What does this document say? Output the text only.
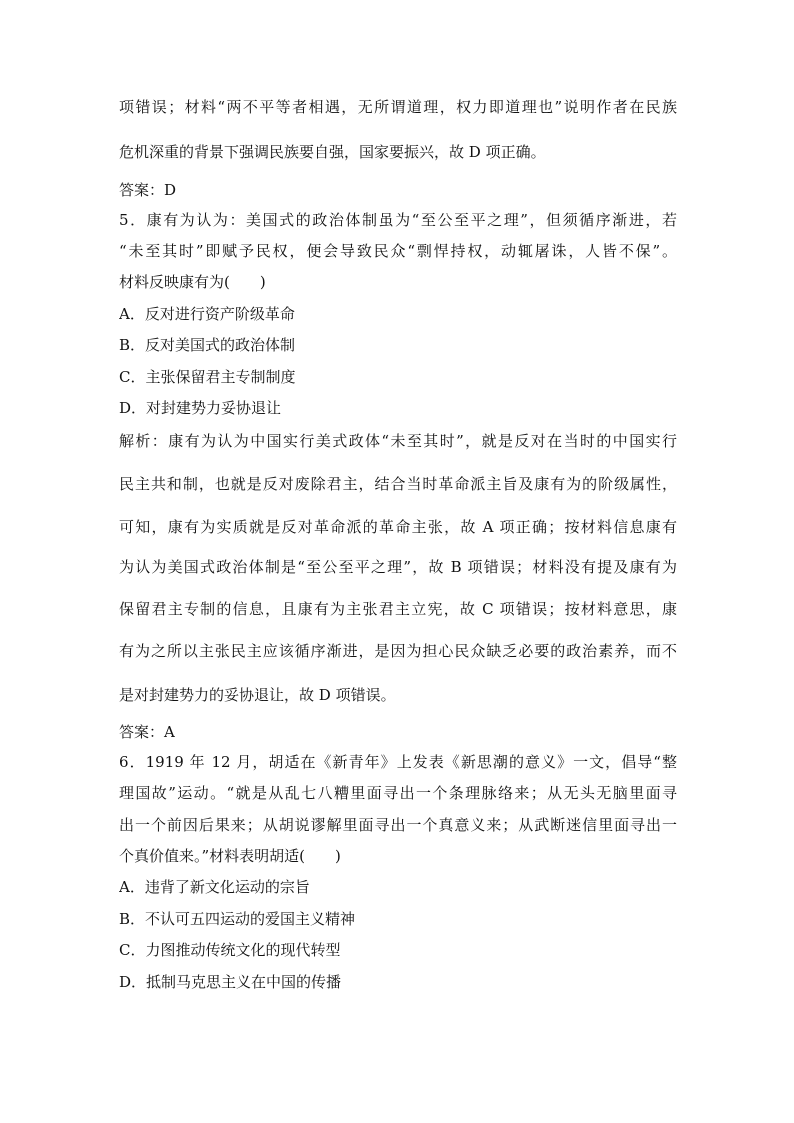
项错误；材料“两不平等者相遇，无所谓道理，权力即道理也”说明作者在民族
危机深重的背景下强调民族要自强，国家要振兴，故 D 项正确。
答案：D
5．康有为认为：美国式的政治体制虽为“至公至平之理”，但须循序渐进，若
“未至其时”即赋予民权，便会导致民众“剽悍持权，动辄屠诛，人皆不保”。
材料反映康有为(　　)
A．反对进行资产阶级革命
B．反对美国式的政治体制
C．主张保留君主专制制度
D．对封建势力妥协退让
解析：康有为认为中国实行美式政体“未至其时”，就是反对在当时的中国实行
民主共和制，也就是反对废除君主，结合当时革命派主旨及康有为的阶级属性，
可知，康有为实质就是反对革命派的革命主张，故 A 项正确；按材料信息康有
为认为美国式政治体制是“至公至平之理”，故 B 项错误；材料没有提及康有为
保留君主专制的信息，且康有为主张君主立宪，故 C 项错误；按材料意思，康
有为之所以主张民主应该循序渐进，是因为担心民众缺乏必要的政治素养，而不
是对封建势力的妥协退让，故 D 项错误。
答案：A
6．1919 年 12 月，胡适在《新青年》上发表《新思潮的意义》一文，倡导“整
理国故”运动。“就是从乱七八糟里面寻出一个条理脉络来；从无头无脑里面寻
出一个前因后果来；从胡说谬解里面寻出一个真意义来；从武断迷信里面寻出一
个真价值来。”材料表明胡适(　　)
A．违背了新文化运动的宗旨
B．不认可五四运动的爱国主义精神
C．力图推动传统文化的现代转型
D．抵制马克思主义在中国的传播
